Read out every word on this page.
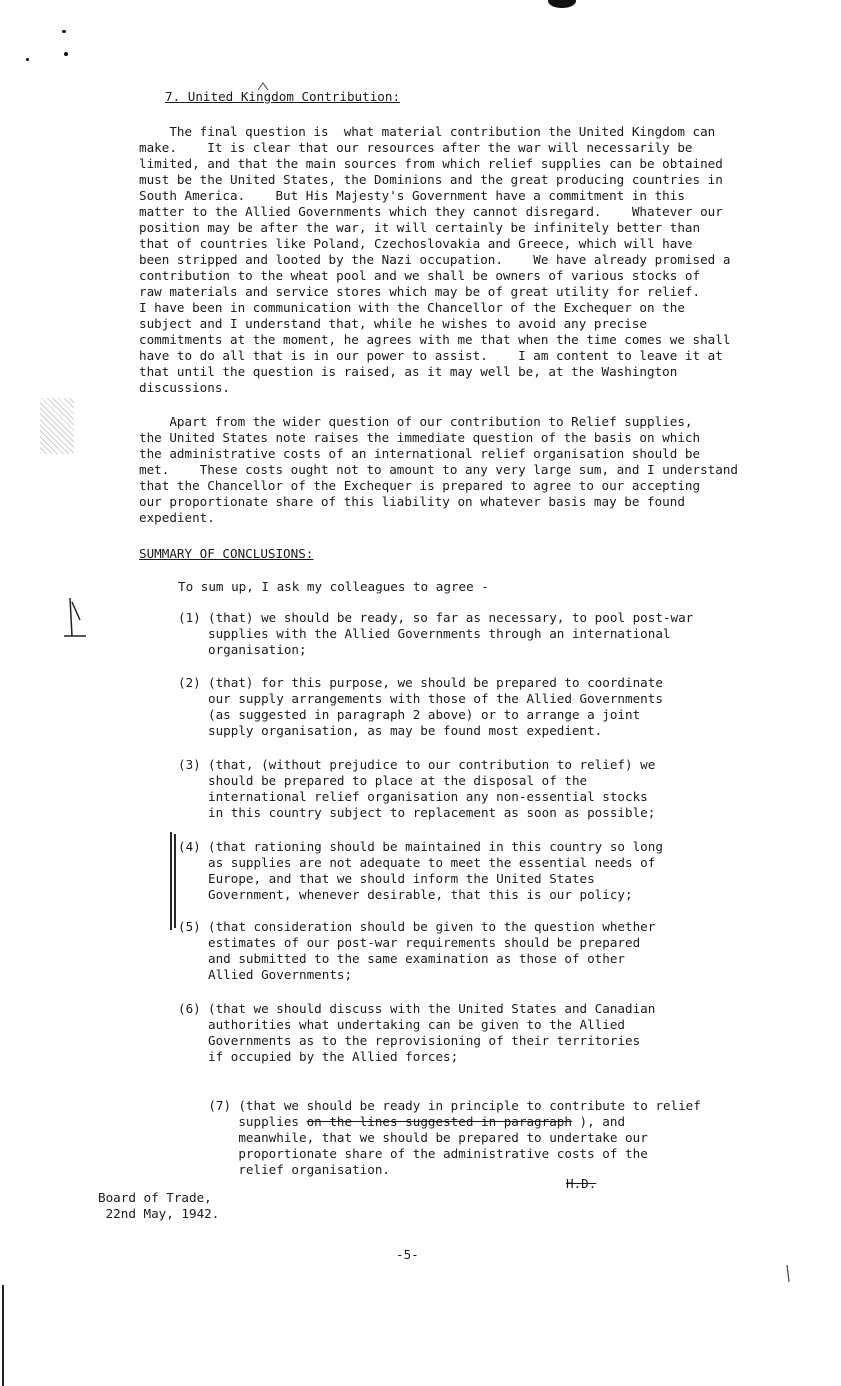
7. United Kingdom Contribution:
The final question is  what material contribution the United Kingdom can
make.    It is clear that our resources after the war will necessarily be
limited, and that the main sources from which relief supplies can be obtained
must be the United States, the Dominions and the great producing countries in
South America.    But His Majesty's Government have a commitment in this
matter to the Allied Governments which they cannot disregard.    Whatever our
position may be after the war, it will certainly be infinitely better than
that of countries like Poland, Czechoslovakia and Greece, which will have
been stripped and looted by the Nazi occupation.    We have already promised a
contribution to the wheat pool and we shall be owners of various stocks of
raw materials and service stores which may be of great utility for relief.
I have been in communication with the Chancellor of the Exchequer on the
subject and I understand that, while he wishes to avoid any precise
commitments at the moment, he agrees with me that when the time comes we shall
have to do all that is in our power to assist.    I am content to leave it at
that until the question is raised, as it may well be, at the Washington
discussions.
Apart from the wider question of our contribution to Relief supplies,
the United States note raises the immediate question of the basis on which
the administrative costs of an international relief organisation should be
met.    These costs ought not to amount to any very large sum, and I understand
that the Chancellor of the Exchequer is prepared to agree to our accepting
our proportionate share of this liability on whatever basis may be found
expedient.
SUMMARY OF CONCLUSIONS:
To sum up, I ask my colleagues to agree -
(1) (that) we should be ready, so far as necessary, to pool post-war
supplies with the Allied Governments through an international
organisation;
(2) (that) for this purpose, we should be prepared to coordinate
our supply arrangements with those of the Allied Governments
(as suggested in paragraph 2 above) or to arrange a joint
supply organisation, as may be found most expedient.
(3) (that, (without prejudice to our contribution to relief) we
should be prepared to place at the disposal of the
international relief organisation any non-essential stocks
in this country subject to replacement as soon as possible;
(4) (that rationing should be maintained in this country so long
as supplies are not adequate to meet the essential needs of
Europe, and that we should inform the United States
Government, whenever desirable, that this is our policy;
(5) (that consideration should be given to the question whether
estimates of our post-war requirements should be prepared
and submitted to the same examination as those of other
Allied Governments;
(6) (that we should discuss with the United States and Canadian
authorities what undertaking can be given to the Allied
Governments as to the reprovisioning of their territories
if occupied by the Allied forces;

(7) (that we should be ready in principle to contribute to relief
supplies on the lines suggested in paragraph ), and
meanwhile, that we should be prepared to undertake our
proportionate share of the administrative costs of the
relief organisation.

H.D.
Board of Trade,
22nd May, 1942.
-5-
